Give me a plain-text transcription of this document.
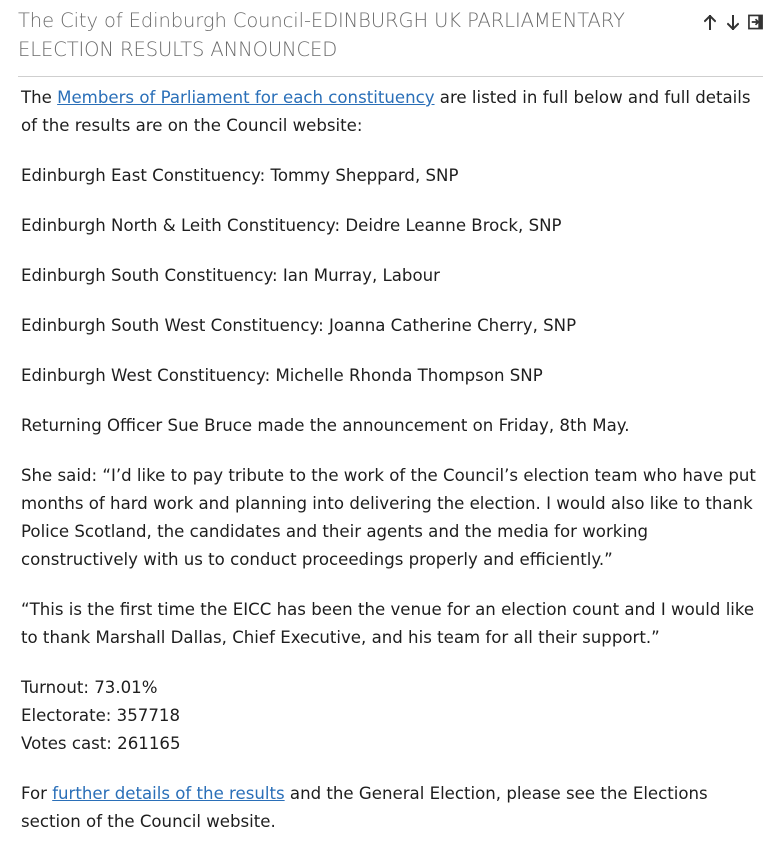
The City of Edinburgh Council-EDINBURGH UK PARLIAMENTARY ELECTION RESULTS ANNOUNCED

The Members of Parliament for each constituency are listed in full below and full details of the results are on the Council website:

Edinburgh East Constituency: Tommy Sheppard, SNP

Edinburgh North & Leith Constituency: Deidre Leanne Brock, SNP

Edinburgh South Constituency: Ian Murray, Labour

Edinburgh South West Constituency: Joanna Catherine Cherry, SNP

Edinburgh West Constituency: Michelle Rhonda Thompson SNP

Returning Officer Sue Bruce made the announcement on Friday, 8th May.

She said: “I’d like to pay tribute to the work of the Council’s election team who have put months of hard work and planning into delivering the election. I would also like to thank Police Scotland, the candidates and their agents and the media for working constructively with us to conduct proceedings properly and efficiently.”

“This is the first time the EICC has been the venue for an election count and I would like to thank Marshall Dallas, Chief Executive, and his team for all their support.”

Turnout: 73.01%

Electorate: 357718

Votes cast: 261165

For further details of the results and the General Election, please see the Elections section of the Council website.
